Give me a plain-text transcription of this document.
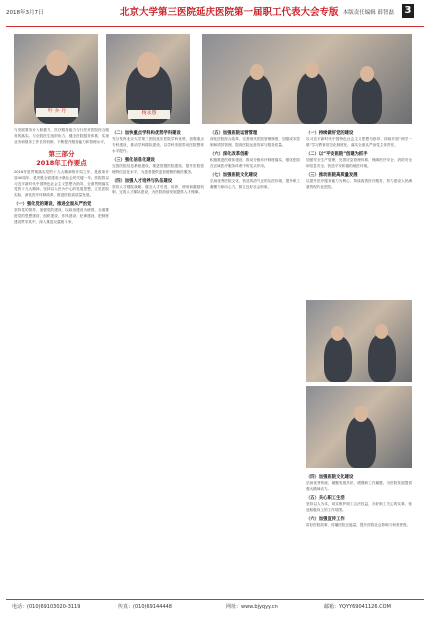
2018年3月7日	北京大学第三医院延庆医院第一届职工代表大会专版 本版责任编辑 薛智磊 3
叶 乔 丹	杨永惠

与发展要务计入积极力，医疗服务能力与行医对医院综合服务的落实。与全院医生组织协力，健全医院服务体系，实现业务和财务工作长效机制，不断提升服务能力和管理水平。

第三部分
2018年工作要点

2018年是贯彻落实党的十九大精神的开局之年，是改革开放40周年，是决胜全面建成小康社会的关键一年。医院将以习近平新时代中国特色社会主义思想为指导，全面贯彻落实党的十九大精神，坚持以人民为中心的发展思想，立足医院实际，深化医疗体制改革，推进医院高质量发展。

（一）强化党的建设，推进全面从严治党

坚持党的领导，加强党的建设，以政治建设为统领，全面推进党的思想建设、组织建设、作风建设、纪律建设，把制度建设贯穿其中，深入推进反腐败斗争。

（二）加快重点学科和优势学科建设

充分发挥北京大学第三医院延庆医院学科优势，加强重点专科建设，推动学科梯队建设，以学科发展带动医院整体水平提升。

（三）强化信息化建设

完善医院信息系统建设，推进智慧医院建设，提升医院管理的信息化水平，为患者提供更加便捷的就医服务。

（四）加强人才培养与队伍建设

坚持人才强院战略，健全人才引进、培养、使用和激励机制，完善人才梯队建设，为医院持续发展提供人才保障。

（五）加强医院运营管理

深化医院综合改革，完善现代医院管理制度，加强成本控制和绩效管理，提高医院运营效率与服务质量。

（六）深化改革创新

积极推进医联体建设，推动分级诊疗制度落实，强化医院在区域医疗服务体系中的龙头作用。

（七）加强医院文化建设

弘扬优秀医院文化，营造风清气正的从医环境，提升职工凝聚力和向心力，树立良好社会形象。

（一）持续做好党的建设

以习近平新时代中国特色社会主义思想为指导，持续开展“两学一做”学习教育常态化制度化，落实全面从严治党主体责任。

（二）以“平安医院”创建为抓手

加强安全生产管理，完善应急管理体系，保障医疗安全、消防安全和信息安全，营造平安和谐的就医环境。

（三）推动医院高质量发展

以提升医疗服务能力为核心，持续改善医疗服务，努力建设人民满意的现代化医院。

（四）加强医院文化建设

弘扬优秀传统，凝聚发展共识，增强职工归属感，为医院发展提供强大精神动力。

（五）关心职工生活

坚持以人为本，切实维护职工合法权益，办好职工关心的实事，营造积极向上的工作氛围。

（六）加强宣传工作

讲好医院故事，传播医院正能量，提升医院社会影响力和美誉度。

电话：(010)69103020-3119	传真：(010)69144448	网址：www.bjyqyy.cn	邮箱：YQYY69041126.COM
